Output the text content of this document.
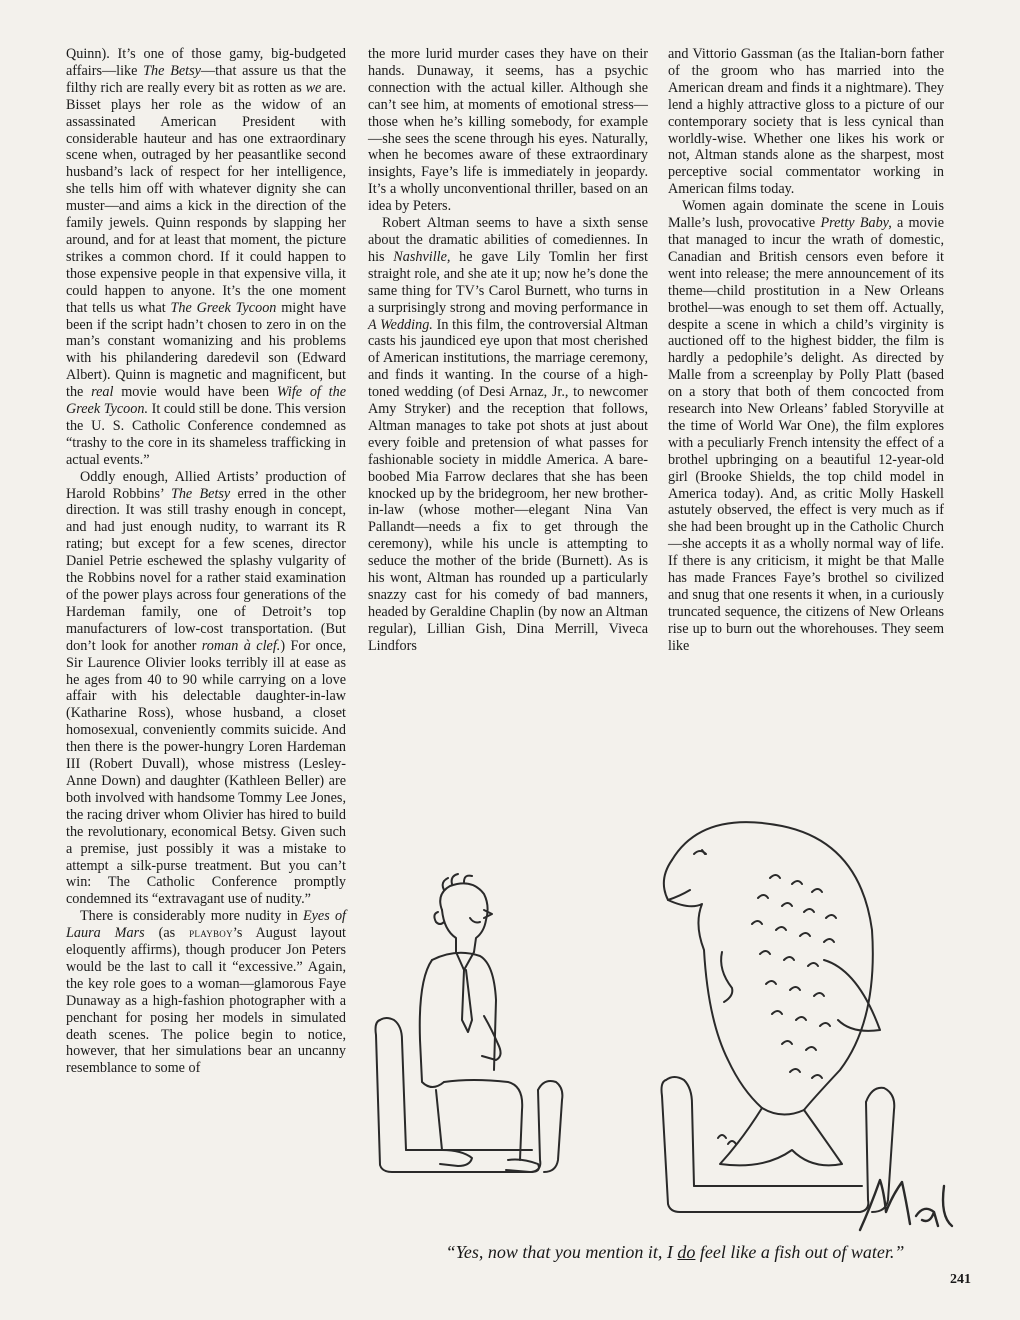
Quinn). It’s one of those gamy, big-budgeted affairs—like The Betsy—that assure us that the filthy rich are really every bit as rotten as we are. Bisset plays her role as the widow of an assassinated American President with considerable hauteur and has one extraordinary scene when, outraged by her peasantlike second husband’s lack of respect for her intelligence, she tells him off with whatever dignity she can muster—and aims a kick in the direction of the family jewels. Quinn responds by slapping her around, and for at least that moment, the picture strikes a common chord. If it could happen to those expensive people in that expensive villa, it could happen to anyone. It’s the one moment that tells us what The Greek Tycoon might have been if the script hadn’t chosen to zero in on the man’s constant womanizing and his problems with his philandering daredevil son (Edward Albert). Quinn is magnetic and magnificent, but the real movie would have been Wife of the Greek Tycoon. It could still be done. This version the U. S. Catholic Conference condemned as “trashy to the core in its shameless trafficking in actual events.”

Oddly enough, Allied Artists’ production of Harold Robbins’ The Betsy erred in the other direction. It was still trashy enough in concept, and had just enough nudity, to warrant its R rating; but except for a few scenes, director Daniel Petrie eschewed the splashy vulgarity of the Robbins novel for a rather staid examination of the power plays across four generations of the Hardeman family, one of Detroit’s top manufacturers of low-cost transportation. (But don’t look for another roman à clef.) For once, Sir Laurence Olivier looks terribly ill at ease as he ages from 40 to 90 while carrying on a love affair with his delectable daughter-in-law (Katharine Ross), whose husband, a closet homosexual, conveniently commits suicide. And then there is the power-hungry Loren Hardeman III (Robert Duvall), whose mistress (Lesley-Anne Down) and daughter (Kathleen Beller) are both involved with handsome Tommy Lee Jones, the racing driver whom Olivier has hired to build the revolutionary, economical Betsy. Given such a premise, just possibly it was a mistake to attempt a silk-purse treatment. But you can’t win: The Catholic Conference promptly condemned its “extravagant use of nudity.”

There is considerably more nudity in Eyes of Laura Mars (as playboy’s August layout eloquently affirms), though producer Jon Peters would be the last to call it “excessive.” Again, the key role goes to a woman—glamorous Faye Dunaway as a high-fashion photographer with a penchant for posing her models in simulated death scenes. The police begin to notice, however, that her simulations bear an uncanny resemblance to some of

the more lurid murder cases they have on their hands. Dunaway, it seems, has a psychic connection with the actual killer. Although she can’t see him, at moments of emotional stress—those when he’s killing somebody, for example—she sees the scene through his eyes. Naturally, when he becomes aware of these extraordinary insights, Faye’s life is immediately in jeopardy. It’s a wholly unconventional thriller, based on an idea by Peters.

Robert Altman seems to have a sixth sense about the dramatic abilities of comediennes. In his Nashville, he gave Lily Tomlin her first straight role, and she ate it up; now he’s done the same thing for TV’s Carol Burnett, who turns in a surprisingly strong and moving performance in A Wedding. In this film, the controversial Altman casts his jaundiced eye upon that most cherished of American institutions, the marriage ceremony, and finds it wanting. In the course of a high-toned wedding (of Desi Arnaz, Jr., to newcomer Amy Stryker) and the reception that follows, Altman manages to take pot shots at just about every foible and pretension of what passes for fashionable society in middle America. A bare-boobed Mia Farrow declares that she has been knocked up by the bridegroom, her new brother-in-law (whose mother—elegant Nina Van Pallandt—needs a fix to get through the ceremony), while his uncle is attempting to seduce the mother of the bride (Burnett). As is his wont, Altman has rounded up a particularly snazzy cast for his comedy of bad manners, headed by Geraldine Chaplin (by now an Altman regular), Lillian Gish, Dina Merrill, Viveca Lindfors

and Vittorio Gassman (as the Italian-born father of the groom who has married into the American dream and finds it a nightmare). They lend a highly attractive gloss to a picture of our contemporary society that is less cynical than worldly-wise. Whether one likes his work or not, Altman stands alone as the sharpest, most perceptive social commentator working in American films today.

Women again dominate the scene in Louis Malle’s lush, provocative Pretty Baby, a movie that managed to incur the wrath of domestic, Canadian and British censors even before it went into release; the mere announcement of its theme—child prostitution in a New Orleans brothel—was enough to set them off. Actually, despite a scene in which a child’s virginity is auctioned off to the highest bidder, the film is hardly a pedophile’s delight. As directed by Malle from a screenplay by Polly Platt (based on a story that both of them concocted from research into New Orleans’ fabled Storyville at the time of World War One), the film explores with a peculiarly French intensity the effect of a brothel upbringing on a beautiful 12-year-old girl (Brooke Shields, the top child model in America today). And, as critic Molly Haskell astutely observed, the effect is very much as if she had been brought up in the Catholic Church—she accepts it as a wholly normal way of life. If there is any criticism, it might be that Malle has made Frances Faye’s brothel so civilized and snug that one resents it when, in a curiously truncated sequence, the citizens of New Orleans rise up to burn out the whorehouses. They seem like

“Yes, now that you mention it, I do feel like a fish out of water.”
241
